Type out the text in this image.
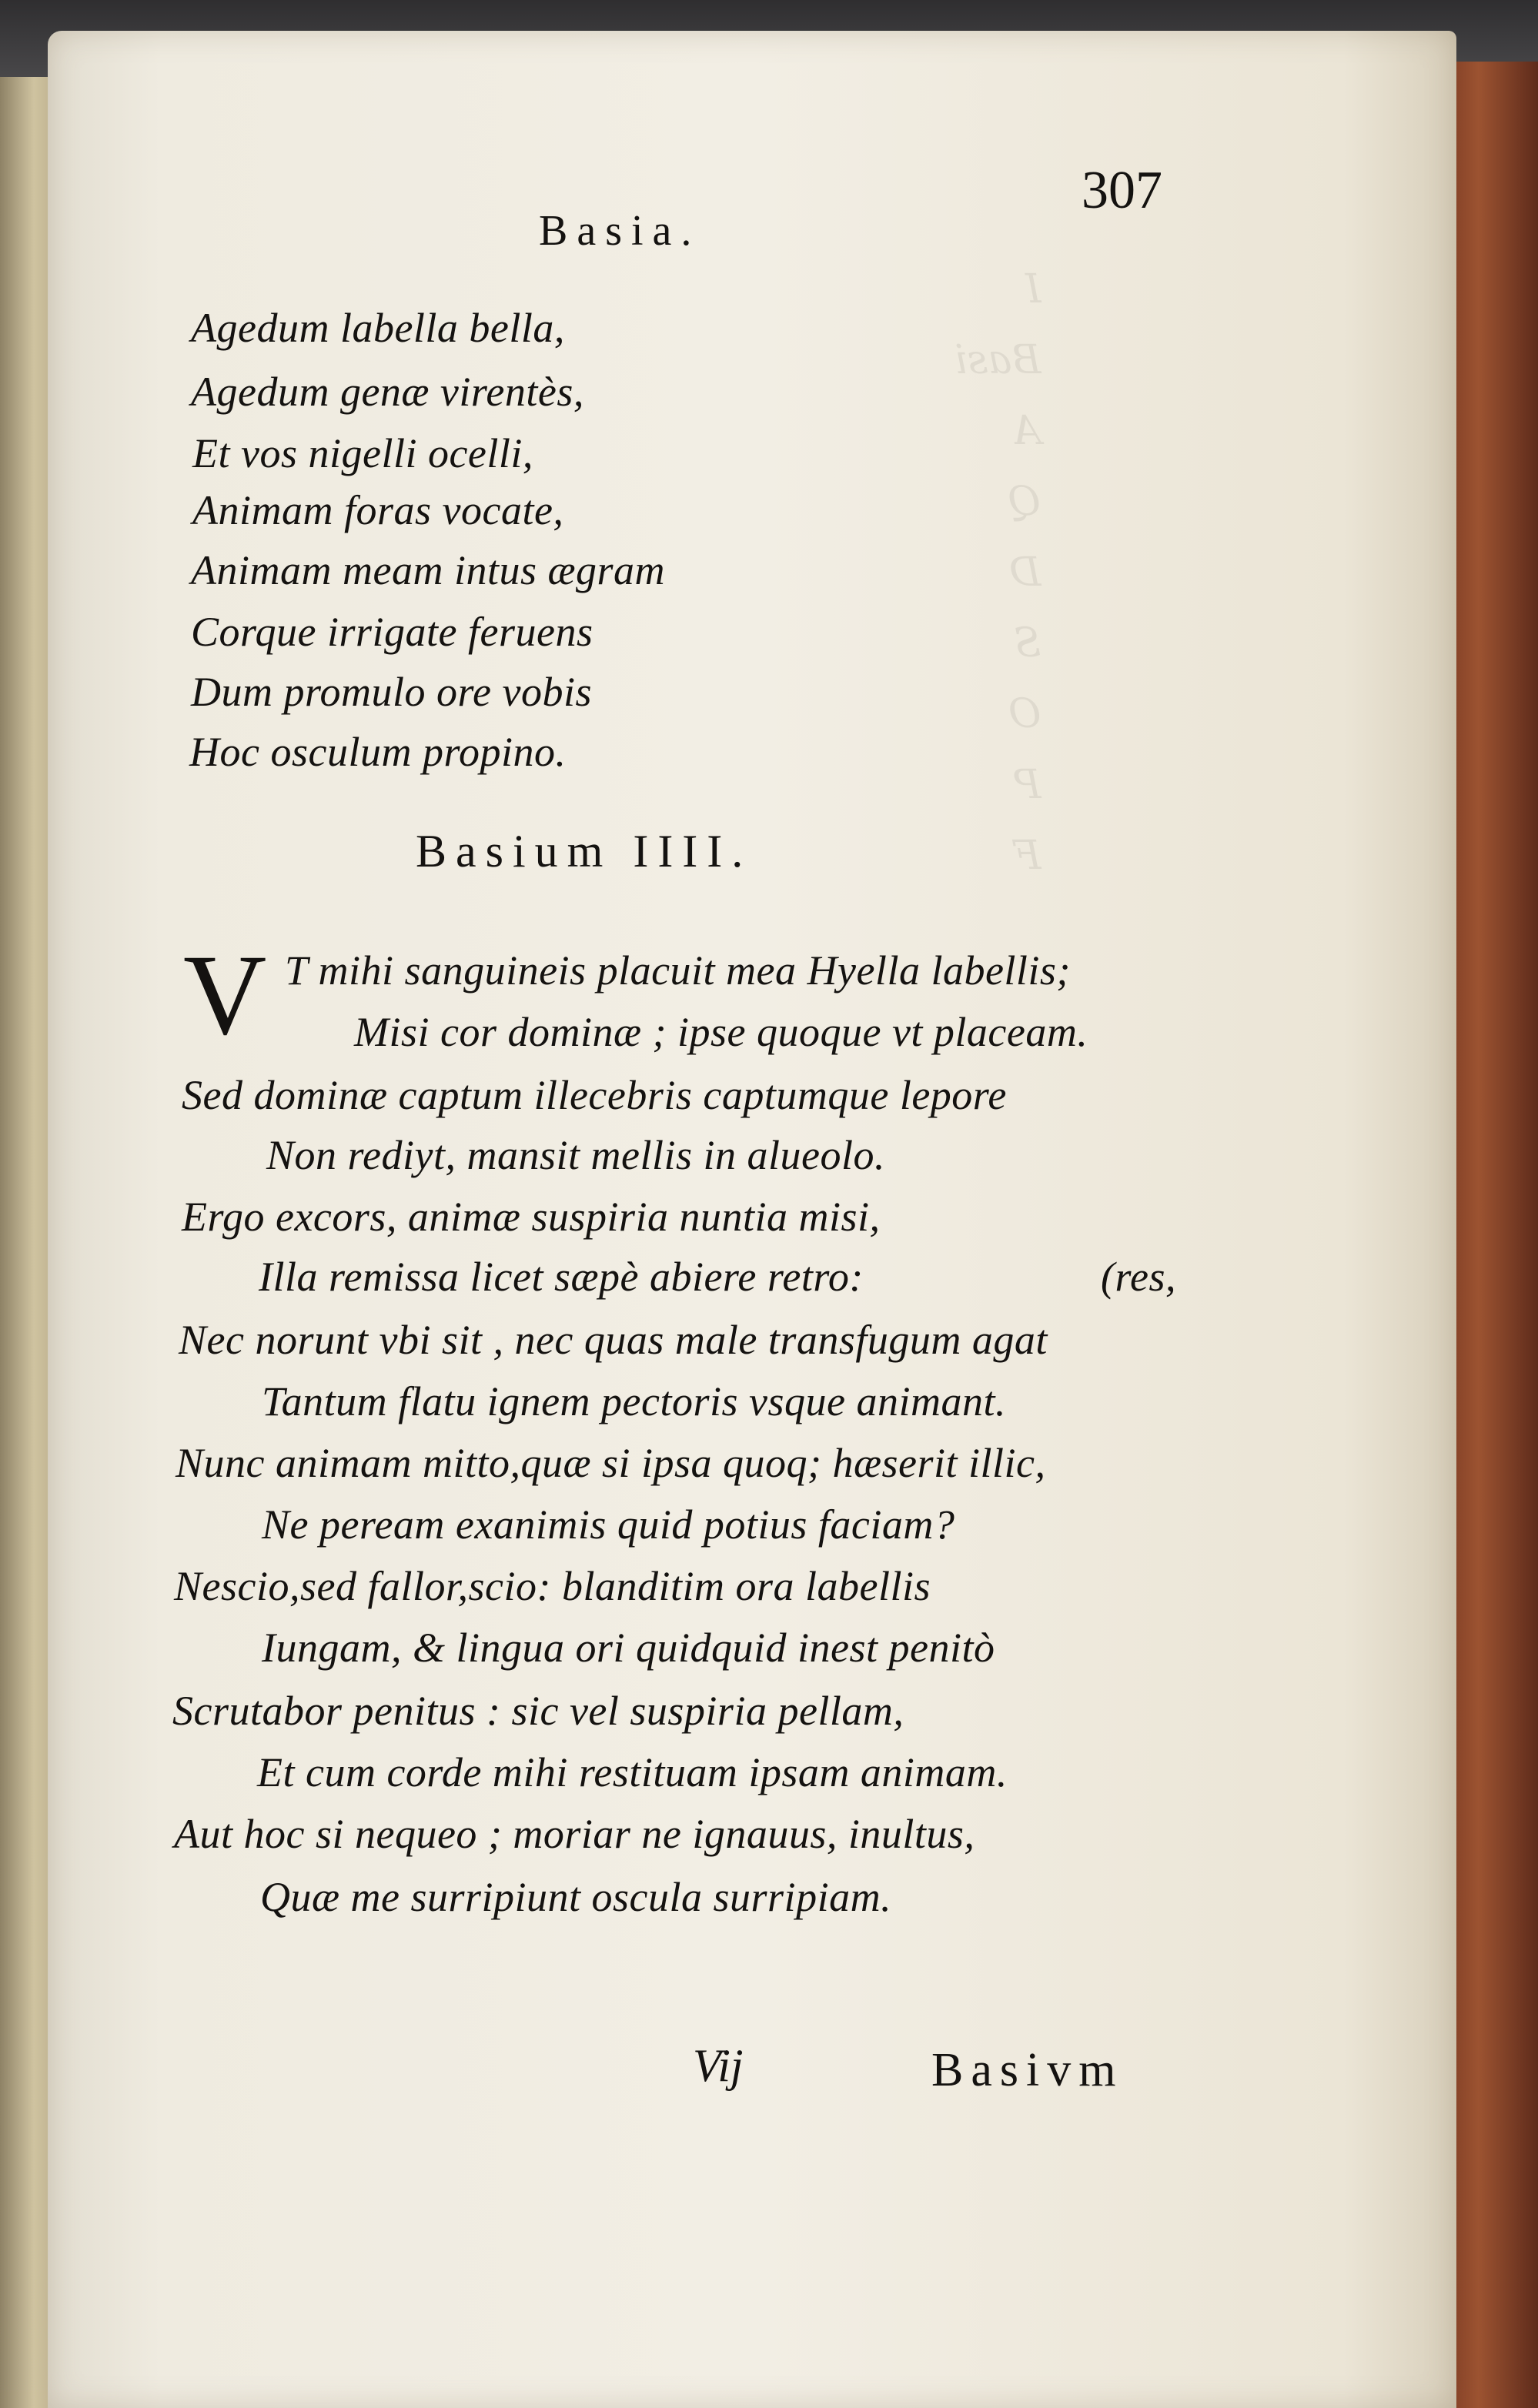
I
Basi
A
Q
D
S
O
P
F
Basia.
307
Agedum labella bella,
Agedum genæ virentès,
Et vos nigelli ocelli,
Animam foras vocate,
Animam meam intus ægram
Corque irrigate feruens
Dum promulo ore vobis
Hoc osculum propino.
Basium IIII.
V T mihi sanguineis placuit mea Hyella labellis;
Misi cor dominæ ; ipse quoque vt placeam.
Sed dominæ captum illecebris captumque lepore
Non rediyt, mansit mellis in alueolo.
Ergo excors, animæ suspiria nuntia misi,
Illa remissa licet sæpè abiere retro:	(res,
Nec norunt vbi sit , nec quas male transfugum agat
Tantum flatu ignem pectoris vsque animant.
Nunc animam mitto,quæ si ipsa quoq; hæserit illic,
Ne peream exanimis quid potius faciam?
Nescio,sed fallor,scio: blanditim ora labellis
Iungam, & lingua ori quidquid inest penitò
Scrutabor penitus : sic vel suspiria pellam,
Et cum corde mihi restituam ipsam animam.
Aut hoc si nequeo ; moriar ne ignauus, inultus,
Quæ me surripiunt oscula surripiam.
Vij	Basivm
